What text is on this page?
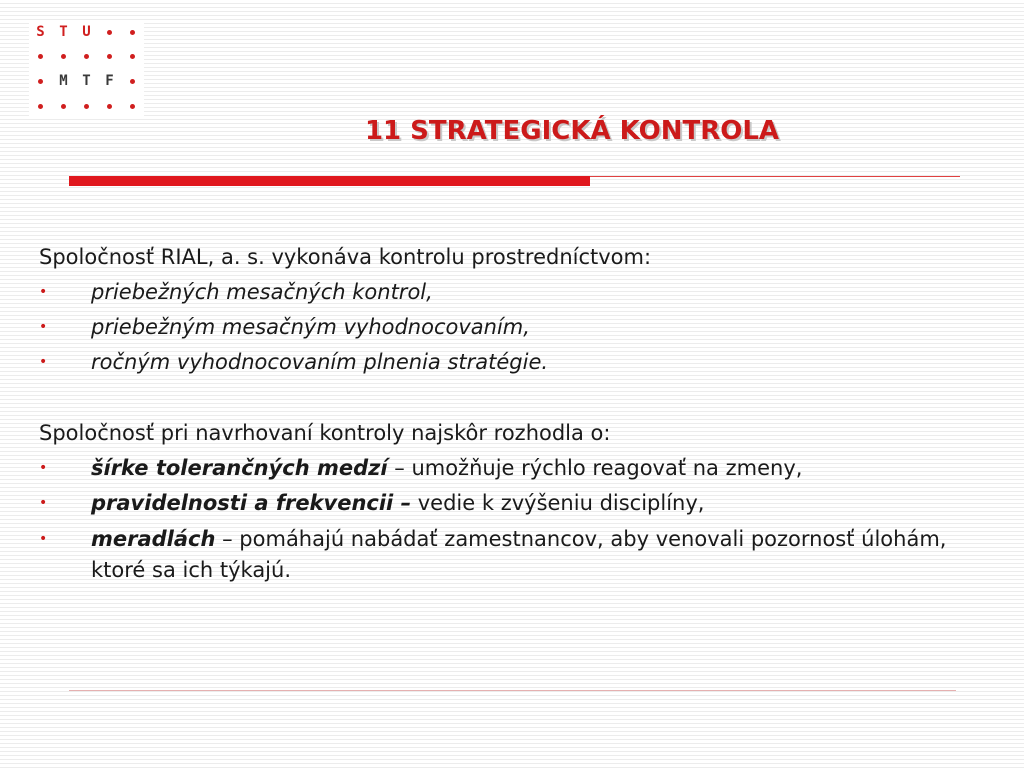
S T U
M T F
11 STRATEGICKÁ KONTROLA

Spoločnosť RIAL, a. s. vykonáva kontrolu prostredníctvom:

• priebežných mesačných kontrol,
• priebežným mesačným vyhodnocovaním,
• ročným vyhodnocovaním plnenia stratégie.

Spoločnosť pri navrhovaní kontroly najskôr rozhodla o:

• šírke tolerančných medzí – umožňuje rýchlo reagovať na zmeny,
• pravidelnosti a frekvencii – vedie k zvýšeniu disciplíny,
• meradlách – pomáhajú nabádať zamestnancov, aby venovali pozornosť úlohám, ktoré sa ich týkajú.
